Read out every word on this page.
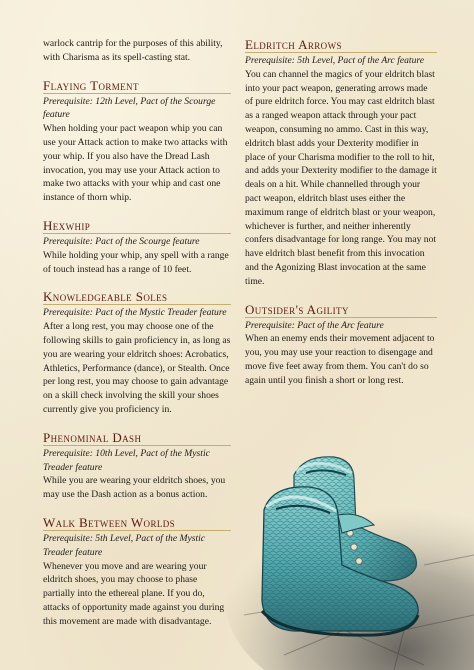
warlock cantrip for the purposes of this ability, with Charisma as its spell-casting stat.

Flaying Torment

Prerequisite: 12th Level, Pact of the Scourge feature

When holding your pact weapon whip you can use your Attack action to make two attacks with your whip. If you also have the Dread Lash invocation, you may use your Attack action to make two attacks with your whip and cast one instance of thorn whip.

Hexwhip

Prerequisite: Pact of the Scourge feature

While holding your whip, any spell with a range of touch instead has a range of 10 feet.

Knowledgeable Soles

Prerequisite: Pact of the Mystic Treader feature

After a long rest, you may choose one of the following skills to gain proficiency in, as long as you are wearing your eldritch shoes: Acrobatics, Athletics, Performance (dance), or Stealth. Once per long rest, you may choose to gain advantage on a skill check involving the skill your shoes currently give you proficiency in.

Phenominal Dash

Prerequisite: 10th Level, Pact of the Mystic Treader feature

While you are wearing your eldritch shoes, you may use the Dash action as a bonus action.

Walk Between Worlds

Prerequisite: 5th Level, Pact of the Mystic Treader feature

Whenever you move and are wearing your eldritch shoes, you may choose to phase partially into the ethereal plane. If you do, attacks of opportunity made against you during this movement are made with disadvantage.

Eldritch Arrows

Prerequisite: 5th Level, Pact of the Arc feature

You can channel the magics of your eldritch blast into your pact weapon, generating arrows made of pure eldritch force. You may cast eldritch blast as a ranged weapon attack through your pact weapon, consuming no ammo. Cast in this way, eldritch blast adds your Dexterity modifier in place of your Charisma modifier to the roll to hit, and adds your Dexterity modifier to the damage it deals on a hit. While channelled through your pact weapon, eldritch blast uses either the maximum range of eldritch blast or your weapon, whichever is further, and neither inherently confers disadvantage for long range. You may not have eldritch blast benefit from this invocation and the Agonizing Blast invocation at the same time.

Outsider's Agility

Prerequisite: Pact of the Arc feature

When an enemy ends their movement adjacent to you, you may use your reaction to disengage and move five feet away from them. You can't do so again until you finish a short or long rest.
